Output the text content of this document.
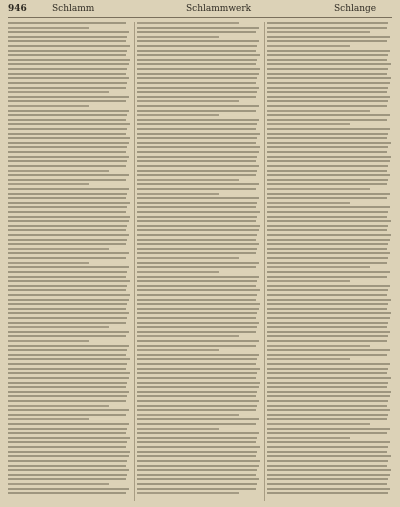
946	Schlamm	Schlammwerk	Schlange
